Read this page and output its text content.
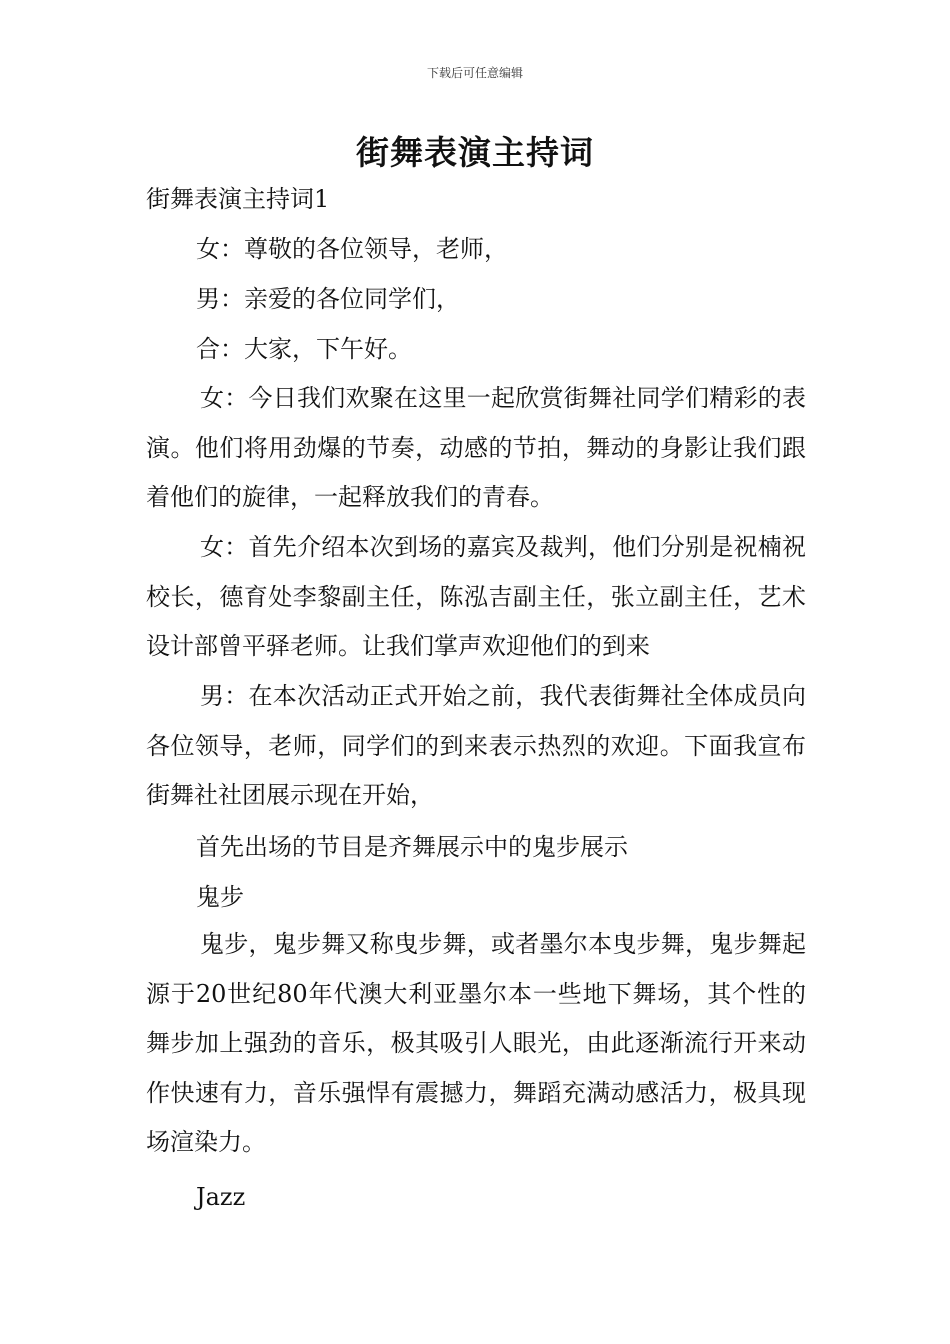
下载后可任意编辑
街舞表演主持词
街舞表演主持词1
女：尊敬的各位领导，老师，
男：亲爱的各位同学们，
合：大家，下午好。
女：今日我们欢聚在这里一起欣赏街舞社同学们精彩的表演。他们将用劲爆的节奏，动感的节拍，舞动的身影让我们跟着他们的旋律，一起释放我们的青春。
女：首先介绍本次到场的嘉宾及裁判，他们分别是祝楠祝校长，德育处李黎副主任，陈泓吉副主任，张立副主任，艺术设计部曾平驿老师。让我们掌声欢迎他们的到来
男：在本次活动正式开始之前，我代表街舞社全体成员向各位领导，老师，同学们的到来表示热烈的欢迎。下面我宣布街舞社社团展示现在开始，
首先出场的节目是齐舞展示中的鬼步展示
鬼步
鬼步，鬼步舞又称曳步舞，或者墨尔本曳步舞，鬼步舞起源于20世纪80年代澳大利亚墨尔本一些地下舞场，其个性的舞步加上强劲的音乐，极其吸引人眼光，由此逐渐流行开来动作快速有力，音乐强悍有震撼力，舞蹈充满动感活力，极具现场渲染力。
Jazz
